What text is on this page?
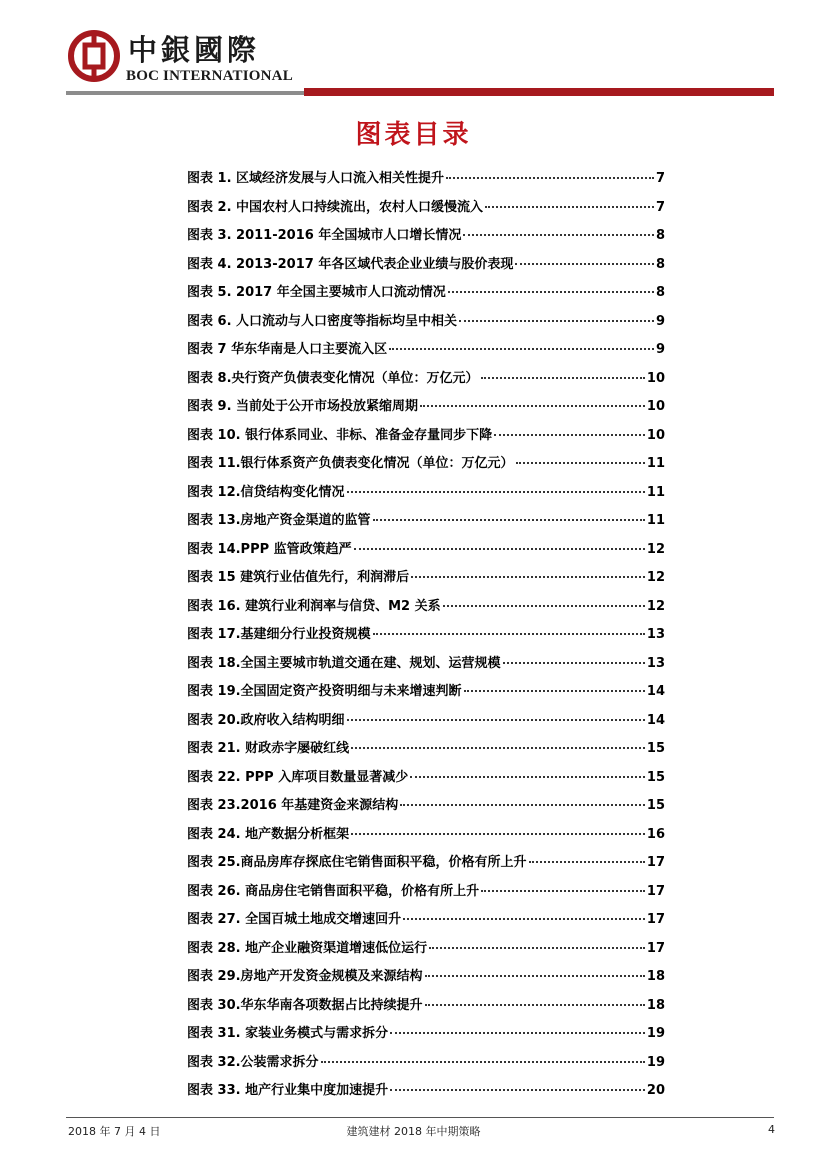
中銀國際
BOC INTERNATIONAL
图表目录
图表 1. 区域经济发展与人口流入相关性提升	7
图表 2. 中国农村人口持续流出，农村人口缓慢流入	7
图表 3. 2011-2016 年全国城市人口增长情况	8
图表 4. 2013-2017 年各区域代表企业业绩与股价表现	8
图表 5. 2017 年全国主要城市人口流动情况	8
图表 6. 人口流动与人口密度等指标均呈中相关	9
图表 7 华东华南是人口主要流入区	9
图表 8.央行资产负债表变化情况（单位：万亿元）	10
图表 9. 当前处于公开市场投放紧缩周期	10
图表 10. 银行体系同业、非标、准备金存量同步下降	10
图表 11.银行体系资产负债表变化情况（单位：万亿元）	11
图表 12.信贷结构变化情况	11
图表 13.房地产资金渠道的监管	11
图表 14.PPP 监管政策趋严	12
图表 15 建筑行业估值先行，利润滞后	12
图表 16. 建筑行业利润率与信贷、M2 关系	12
图表 17.基建细分行业投资规模	13
图表 18.全国主要城市轨道交通在建、规划、运营规模	13
图表 19.全国固定资产投资明细与未来增速判断	14
图表 20.政府收入结构明细	14
图表 21. 财政赤字屡破红线	15
图表 22. PPP 入库项目数量显著减少	15
图表 23.2016 年基建资金来源结构	15
图表 24. 地产数据分析框架	16
图表 25.商品房库存探底住宅销售面积平稳，价格有所上升	17
图表 26. 商品房住宅销售面积平稳，价格有所上升	17
图表 27. 全国百城土地成交增速回升	17
图表 28. 地产企业融资渠道增速低位运行	17
图表 29.房地产开发资金规模及来源结构	18
图表 30.华东华南各项数据占比持续提升	18
图表 31. 家装业务模式与需求拆分	19
图表 32.公装需求拆分	19
图表 33. 地产行业集中度加速提升	20
2018 年 7 月 4 日	建筑建材 2018 年中期策略	4
